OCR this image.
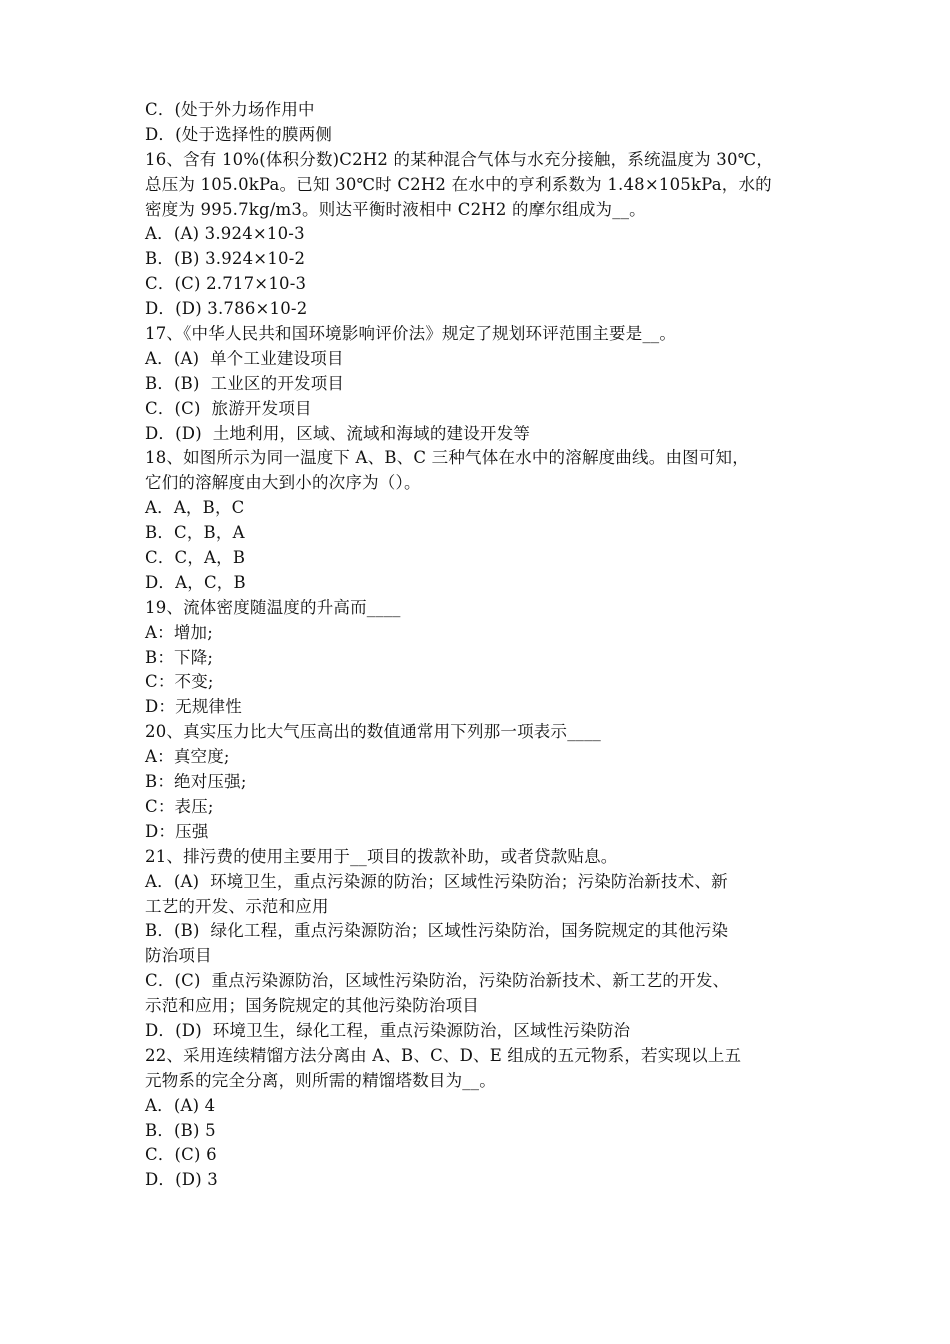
C．(处于外力场作用中
D．(处于选择性的膜两侧
16、含有 10%(体积分数)C2H2 的某种混合气体与水充分接触，系统温度为 30℃，
总压为 105.0kPa。已知 30℃时 C2H2 在水中的亨利系数为 1.48×105kPa，水的
密度为 995.7kg/m3。则达平衡时液相中 C2H2 的摩尔组成为__。
A．(A) 3.924×10-3
B．(B) 3.924×10-2
C．(C) 2.717×10-3
D．(D) 3.786×10-2
17、《中华人民共和国环境影响评价法》规定了规划环评范围主要是__。
A．(A)  单个工业建设项目
B．(B)  工业区的开发项目
C．(C)  旅游开发项目
D．(D)  土地利用，区域、流域和海域的建设开发等
18、如图所示为同一温度下 A、B、C 三种气体在水中的溶解度曲线。由图可知，
它们的溶解度由大到小的次序为（）。
A．A，B，C
B．C，B，A
C．C，A，B
D．A，C，B
19、流体密度随温度的升高而____
A：增加;
B：下降;
C：不变;
D：无规律性
20、真实压力比大气压高出的数值通常用下列那一项表示____
A：真空度;
B：绝对压强;
C：表压;
D：压强
21、排污费的使用主要用于__项目的拨款补助，或者贷款贴息。
A．(A)  环境卫生，重点污染源的防治；区域性污染防治；污染防治新技术、新
工艺的开发、示范和应用
B．(B)  绿化工程，重点污染源防治；区域性污染防治，国务院规定的其他污染
防治项目
C．(C)  重点污染源防治，区域性污染防治，污染防治新技术、新工艺的开发、
示范和应用；国务院规定的其他污染防治项目
D．(D)  环境卫生，绿化工程，重点污染源防治，区域性污染防治
22、采用连续精馏方法分离由 A、B、C、D、E 组成的五元物系，若实现以上五
元物系的完全分离，则所需的精馏塔数目为__。
A．(A) 4
B．(B) 5
C．(C) 6
D．(D) 3
